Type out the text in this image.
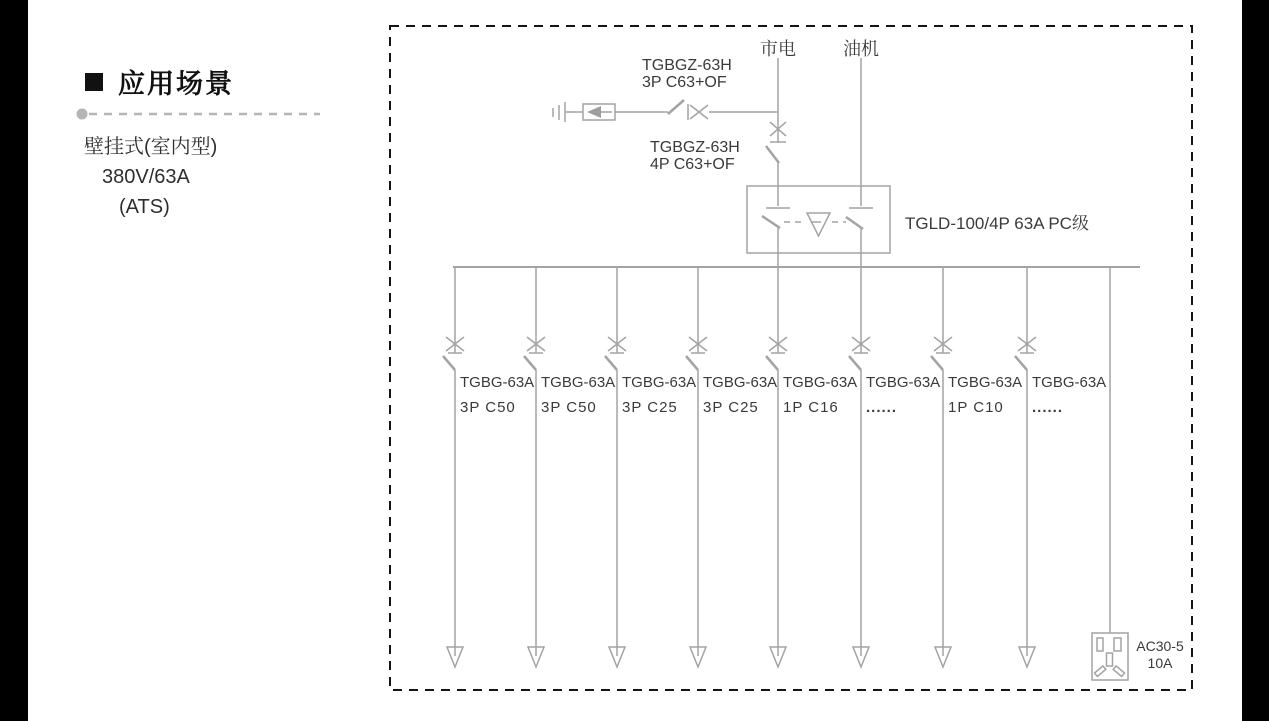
应用场景
壁挂式(室内型)
380V/63A
(ATS)
市电	油机
TGBGZ-63H
3P C63+OF
TGBGZ-63H
4P C63+OF
TGLD-100/4P 63A PC级
TGBG-63A
3P C50
TGBG-63A
3P C50
TGBG-63A
3P C25
TGBG-63A
3P C25
TGBG-63A
1P C16
TGBG-63A
......
TGBG-63A
1P C10
TGBG-63A
......
AC30-5
10A
